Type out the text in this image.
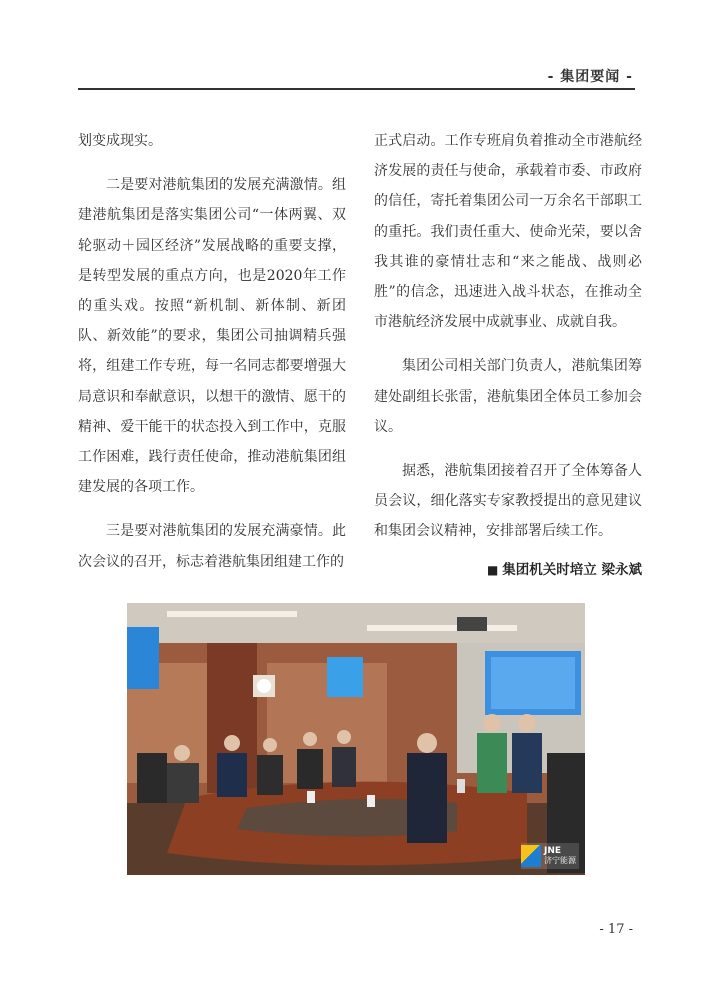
- 集团要闻 -

划变成现实。

二是要对港航集团的发展充满激情。组建港航集团是落实集团公司“一体两翼、双轮驱动＋园区经济”发展战略的重要支撑，是转型发展的重点方向，也是2020年工作的重头戏。按照“新机制、新体制、新团队、新效能”的要求，集团公司抽调精兵强将，组建工作专班，每一名同志都要增强大局意识和奉献意识，以想干的激情、愿干的精神、爱干能干的状态投入到工作中，克服工作困难，践行责任使命，推动港航集团组建发展的各项工作。

三是要对港航集团的发展充满豪情。此次会议的召开，标志着港航集团组建工作的

正式启动。工作专班肩负着推动全市港航经济发展的责任与使命，承载着市委、市政府的信任，寄托着集团公司一万余名干部职工的重托。我们责任重大、使命光荣，要以舍我其谁的豪情壮志和“来之能战、战则必胜”的信念，迅速进入战斗状态，在推动全市港航经济发展中成就事业、成就自我。

集团公司相关部门负责人，港航集团筹建处副组长张雷，港航集团全体员工参加会议。

据悉，港航集团接着召开了全体筹备人员会议，细化落实专家教授提出的意见建议和集团会议精神，安排部署后续工作。

■ 集团机关时培立 梁永斌
JNE
济宁能源
- 17 -
